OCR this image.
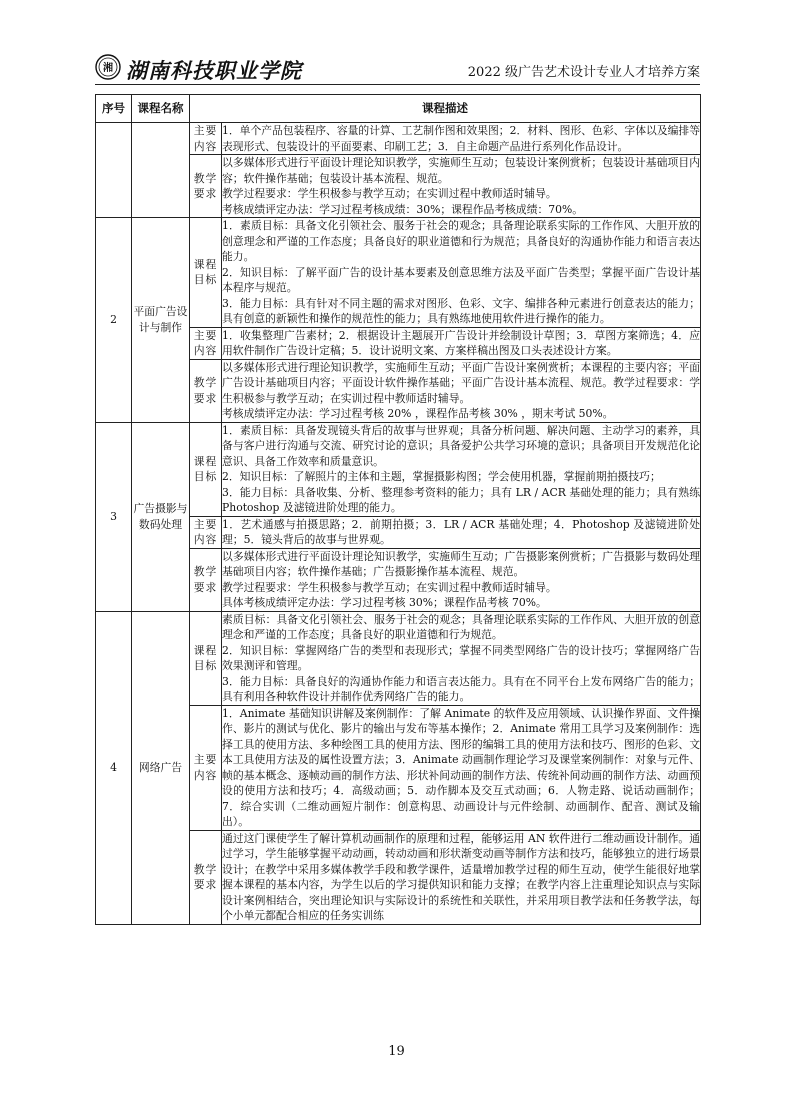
湘 湖南科技职业学院	2022 级广告艺术设计专业人才培养方案
序号	课程名称	课程描述	
		主要内容	1．单个产品包装程序、容量的计算、工艺制作图和效果图；2．材料、图形、色彩、字体以及编排等表现形式、包装设计的平面要素、印刷工艺；3．自主命题产品进行系列化作品设计。

		教学要求	以多媒体形式进行平面设计理论知识教学，实施师生互动；包装设计案例赏析；包装设计基础项目内容；软件操作基础；包装设计基本流程、规范。
教学过程要求：学生积极参与教学互动；在实训过程中教师适时辅导。
考核成绩评定办法：学习过程考核成绩：30%；课程作品考核成绩：70%。

2	平面广告设计与制作	课程目标	1．素质目标：具备文化引领社会、服务于社会的观念；具备理论联系实际的工作作风、大胆开放的创意理念和严谨的工作态度；具备良好的职业道德和行为规范；具备良好的沟通协作能力和语言表达能力。
2．知识目标：了解平面广告的设计基本要素及创意思维方法及平面广告类型；掌握平面广告设计基本程序与规范。
3．能力目标：具有针对不同主题的需求对图形、色彩、文字、编排各种元素进行创意表达的能力；具有创意的新颖性和操作的规范性的能力；具有熟练地使用软件进行操作的能力。

		主要内容	1．收集整理广告素材；2．根据设计主题展开广告设计并绘制设计草图；3．草图方案筛选；4．应用软件制作广告设计定稿；5．设计说明文案、方案样稿出图及口头表述设计方案。

		教学要求	以多媒体形式进行理论知识教学，实施师生互动；平面广告设计案例赏析；本课程的主要内容；平面广告设计基础项目内容；平面设计软件操作基础；平面广告设计基本流程、规范。教学过程要求：学生积极参与教学互动；在实训过程中教师适时辅导。
考核成绩评定办法：学习过程考核 20% ，课程作品考核 30% ，期末考试 50%。

3	广告摄影与数码处理	课程目标	1．素质目标：具备发现镜头背后的故事与世界观；具备分析问题、解决问题、主动学习的素养，具备与客户进行沟通与交流、研究讨论的意识；具备爱护公共学习环境的意识；具备项目开发规范化论意识、具备工作效率和质量意识。
2．知识目标：了解照片的主体和主题，掌握摄影构图；学会使用机器，掌握前期拍摄技巧；
3．能力目标：具备收集、分析、整理参考资料的能力；具有 LR / ACR 基础处理的能力；具有熟练 Photoshop 及滤镜进阶处理的能力。

		主要内容	1．艺术通感与拍摄思路；2．前期拍摄；3．LR / ACR 基础处理；4．Photoshop 及滤镜进阶处理；5．镜头背后的故事与世界观。

		教学要求	以多媒体形式进行平面设计理论知识教学，实施师生互动；广告摄影案例赏析；广告摄影与数码处理基础项目内容；软件操作基础；广告摄影操作基本流程、规范。
教学过程要求：学生积极参与教学互动；在实训过程中教师适时辅导。
具体考核成绩评定办法：学习过程考核 30%；课程作品考核 70%。

4	网络广告	课程目标	素质目标：具备文化引领社会、服务于社会的观念；具备理论联系实际的工作作风、大胆开放的创意理念和严谨的工作态度；具备良好的职业道德和行为规范。
2．知识目标：掌握网络广告的类型和表现形式；掌握不同类型网络广告的设计技巧；掌握网络广告效果测评和管理。
3．能力目标：具备良好的沟通协作能力和语言表达能力。具有在不同平台上发布网络广告的能力；具有利用各种软件设计并制作优秀网络广告的能力。

		主要内容	1．Animate 基础知识讲解及案例制作：了解 Animate 的软件及应用领域、认识操作界面、文件操作、影片的测试与优化、影片的输出与发布等基本操作；2．Animate 常用工具学习及案例制作：选择工具的使用方法、多种绘图工具的使用方法、图形的编辑工具的使用方法和技巧、图形的色彩、文本工具使用方法及的属性设置方法；3．Animate 动画制作理论学习及课堂案例制作：对象与元件、帧的基本概念、逐帧动画的制作方法、形状补间动画的制作方法、传统补间动画的制作方法、动画预设的使用方法和技巧；4．高级动画；5．动作脚本及交互式动画；6．人物走路、说话动画制作；7．综合实训（二维动画短片制作：创意构思、动画设计与元件绘制、动画制作、配音、测试及输出）。

		教学要求	通过这门课使学生了解计算机动画制作的原理和过程，能够运用 AN 软件进行二维动画设计制作。通过学习，学生能够掌握平动动画，转动动画和形状渐变动画等制作方法和技巧，能够独立的进行场景设计；在教学中采用多媒体教学手段和教学课件，适量增加教学过程的师生互动，使学生能很好地掌握本课程的基本内容，为学生以后的学习提供知识和能力支撑；在教学内容上注重理论知识点与实际设计案例相结合，突出理论知识与实际设计的系统性和关联性，并采用项目教学法和任务教学法，每个小单元都配合相应的任务实训练
19
